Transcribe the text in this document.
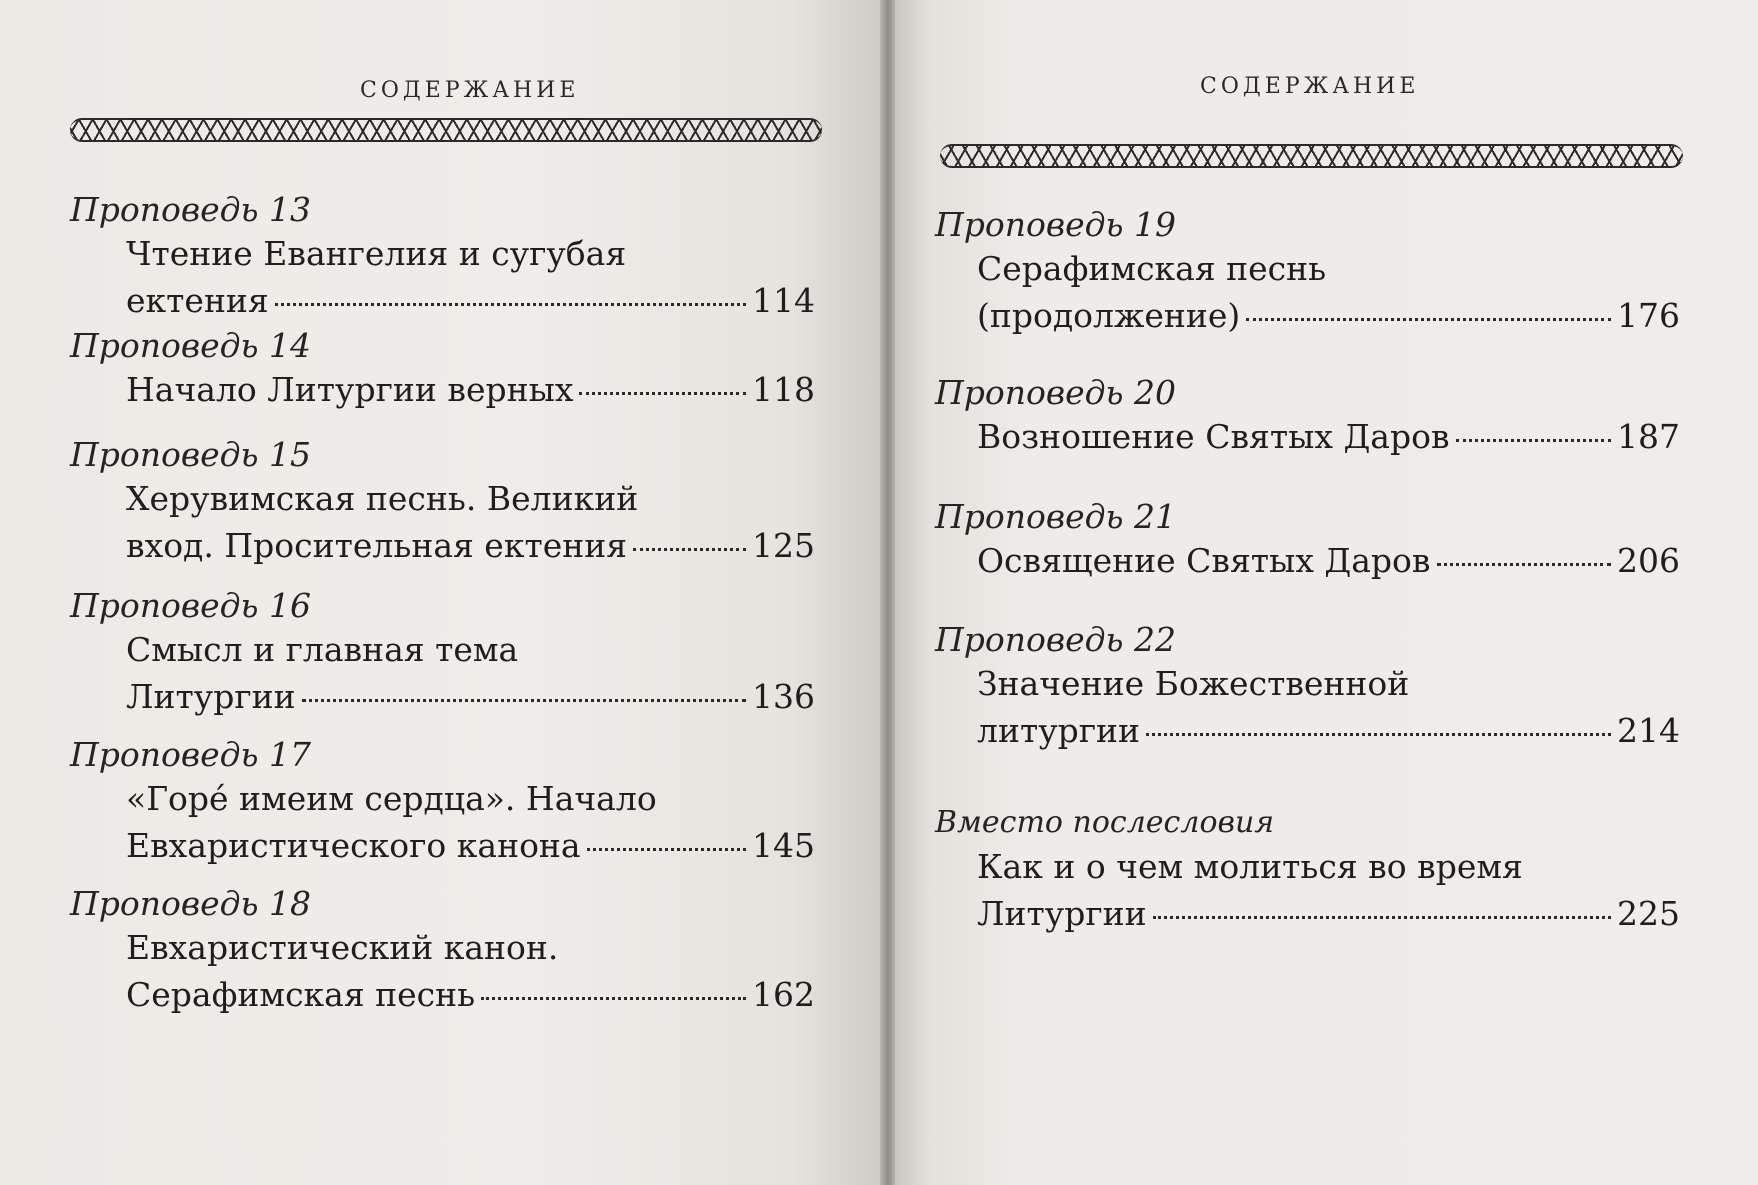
СОДЕРЖАНИЕ
Проповедь 13
Чтение Евангелия и сугубая
ектения	114
Проповедь 14
Начало Литургии верных	118
Проповедь 15
Херувимская песнь. Великий
вход. Просительная ектения	125
Проповедь 16
Смысл и главная тема
Литургии	136
Проповедь 17
«Горé имеим сердца». Начало
Евхаристического канона	145
Проповедь 18
Евхаристический канон.
Серафимская песнь	162
СОДЕРЖАНИЕ
Проповедь 19
Серафимская песнь
(продолжение)	176
Проповедь 20
Возношение Святых Даров	187
Проповедь 21
Освящение Святых Даров	206
Проповедь 22
Значение Божественной
литургии	214
Вместо послесловия
Как и о чем молиться во время
Литургии	225
